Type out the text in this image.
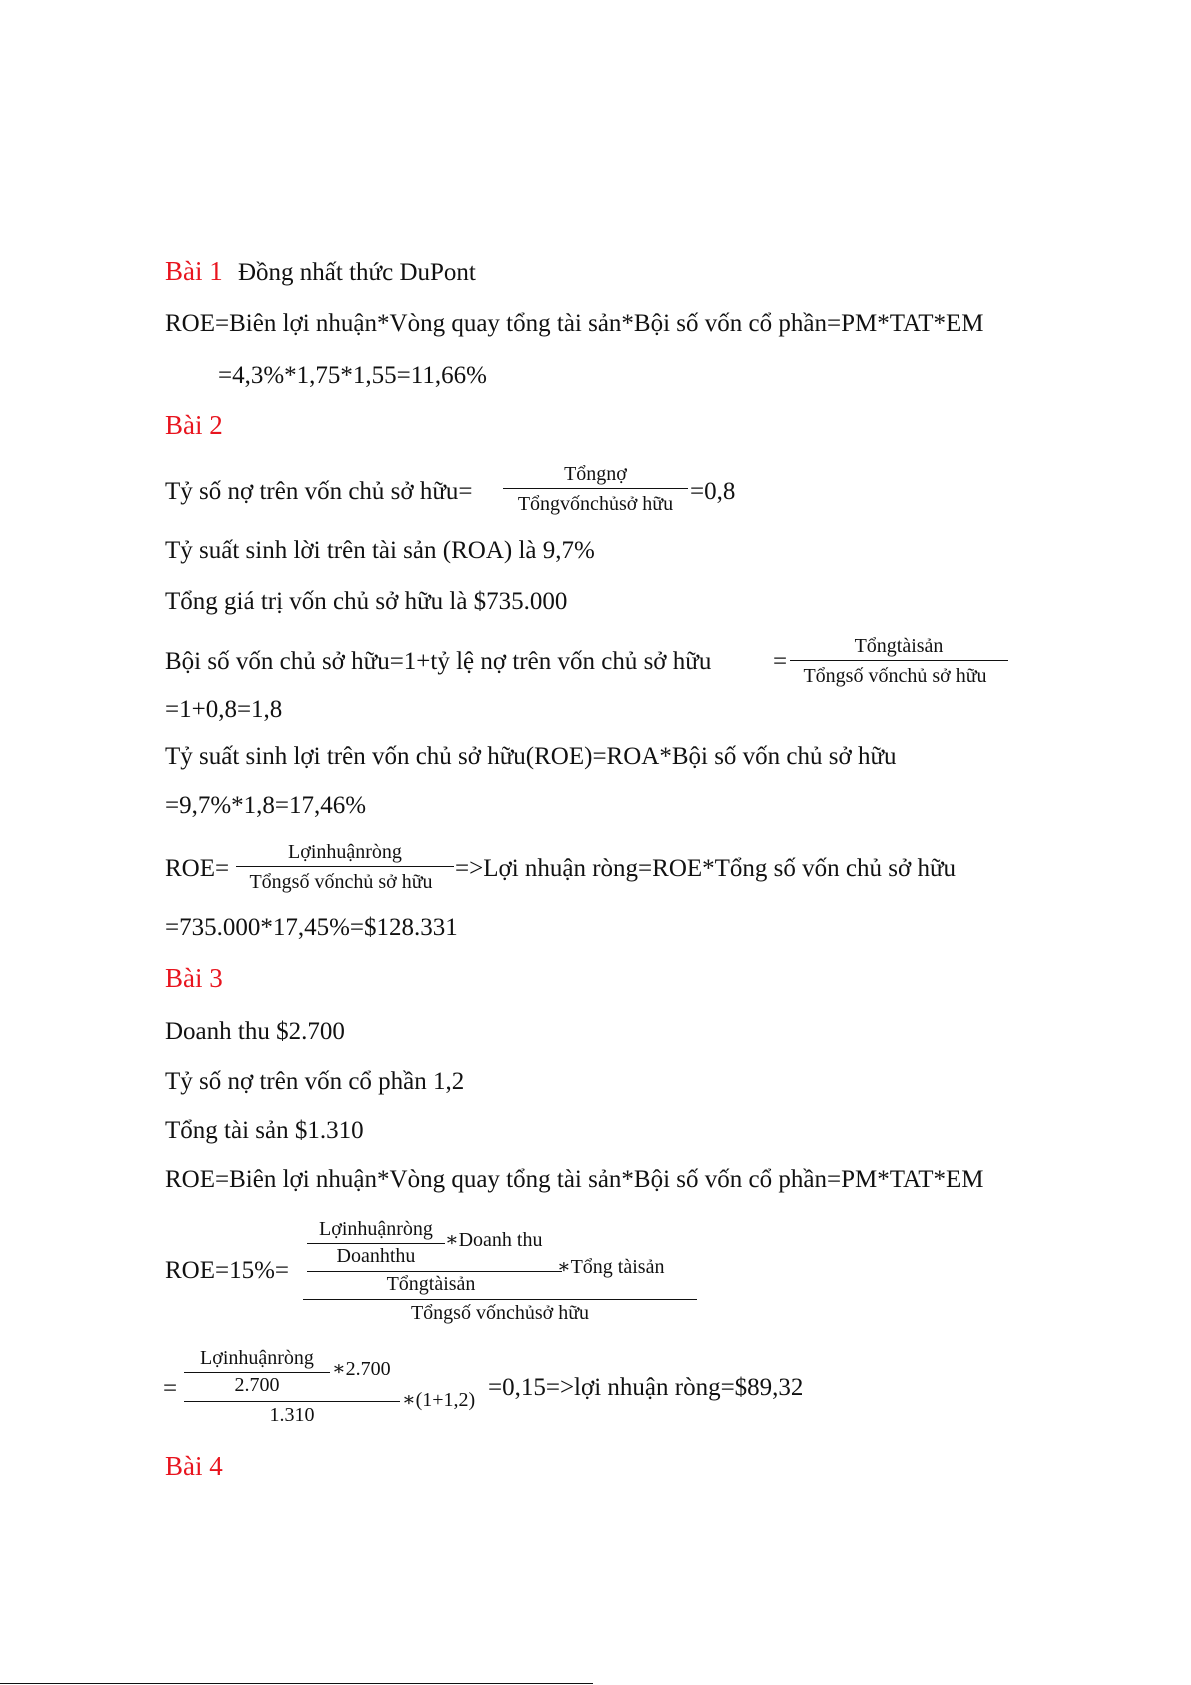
Bài 1 Đồng nhất thức DuPont
ROE=Biên lợi nhuận*Vòng quay tổng tài sản*Bội số vốn cổ phần=PM*TAT*EM
=4,3%*1,75*1,55=11,66%
Bài 2
Tỷ số nợ trên vốn chủ sở hữu=
Tổngnợ
Tổngvốnchủsở hữu =0,8
Tỷ suất sinh lời trên tài sản (ROA) là 9,7%
Tổng giá trị vốn chủ sở hữu là $735.000
Bội số vốn chủ sở hữu=1+tỷ lệ nợ trên vốn chủ sở hữu =
Tổngtàisản
Tổngsố vốnchủ sở hữu
=1+0,8=1,8
Tỷ suất sinh lợi trên vốn chủ sở hữu(ROE)=ROA*Bội số vốn chủ sở hữu
=9,7%*1,8=17,46%
ROE=
Lợinhuậnròng
Tổngsố vốnchủ sở hữu =>Lợi nhuận ròng=ROE*Tổng số vốn chủ sở hữu
=735.000*17,45%=$128.331
Bài 3
Doanh thu $2.700
Tỷ số nợ trên vốn cổ phần 1,2
Tổng tài sản $1.310
ROE=Biên lợi nhuận*Vòng quay tổng tài sản*Bội số vốn cổ phần=PM*TAT*EM
ROE=15%=
Lợinhuậnròng
Doanhthu
∗Doanh thu
Tổngtàisản
∗Tổng tàisản
Tổngsố vốnchủsở hữu
=
Lợinhuậnròng
2.700
∗2.700
1.310
∗(1+1,2) =0,15=>lợi nhuận ròng=$89,32
Bài 4
